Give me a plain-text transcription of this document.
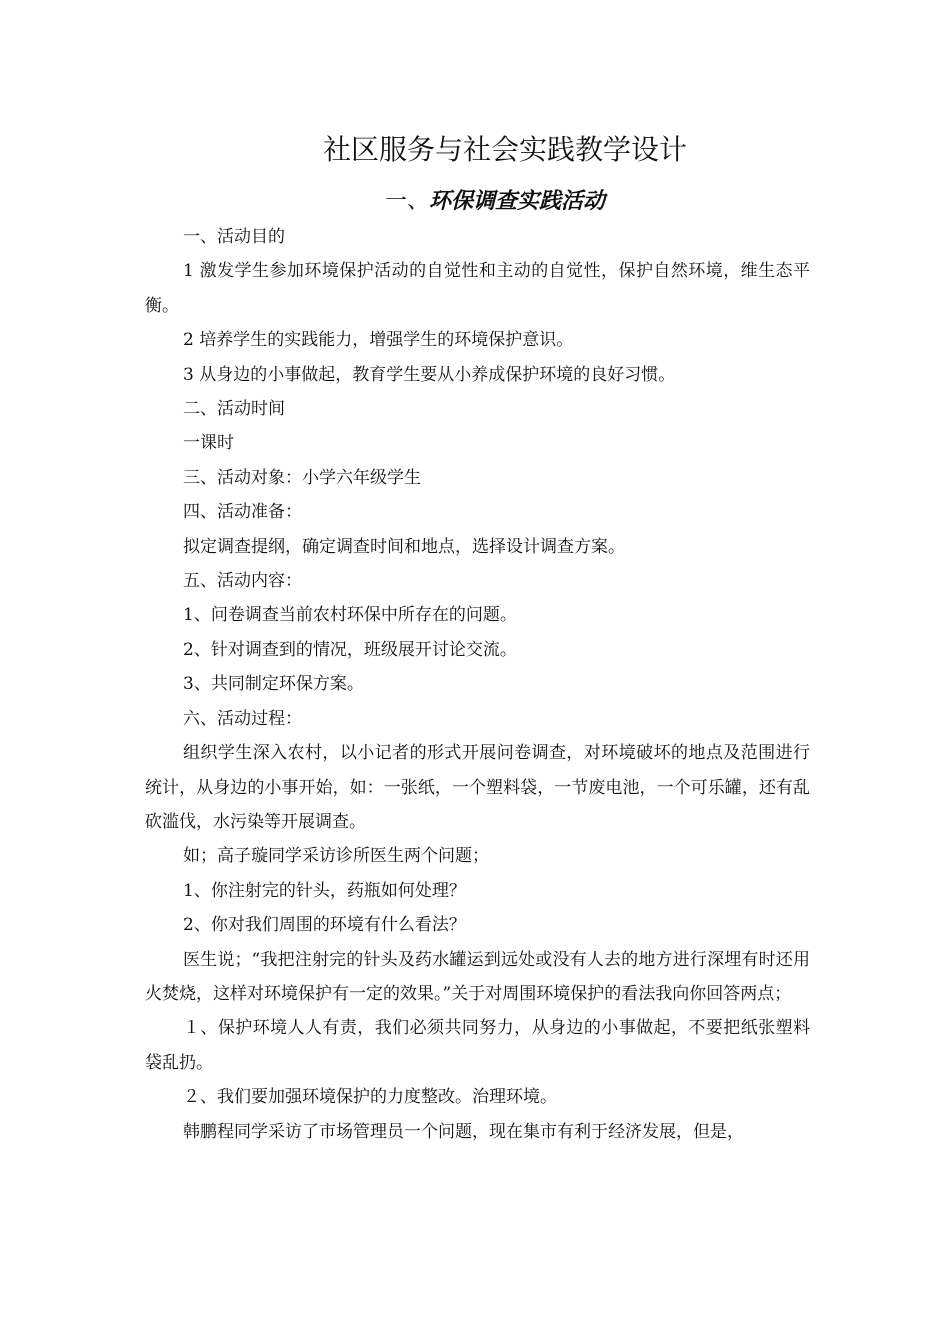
社区服务与社会实践教学设计
一、环保调查实践活动

一、活动目的

1 激发学生参加环境保护活动的自觉性和主动的自觉性，保护自然环境，维生态平衡。

2 培养学生的实践能力，增强学生的环境保护意识。

3 从身边的小事做起，教育学生要从小养成保护环境的良好习惯。

二、活动时间

一课时

三、活动对象：小学六年级学生

四、活动准备：

拟定调查提纲，确定调查时间和地点，选择设计调查方案。

五、活动内容：

1、问卷调查当前农村环保中所存在的问题。

2、针对调查到的情况，班级展开讨论交流。

3、共同制定环保方案。

六、活动过程：

组织学生深入农村，以小记者的形式开展问卷调查，对环境破坏的地点及范围进行统计，从身边的小事开始，如：一张纸，一个塑料袋，一节废电池，一个可乐罐，还有乱砍滥伐，水污染等开展调查。

如；高子璇同学采访诊所医生两个问题；

1、你注射完的针头，药瓶如何处理？

2、你对我们周围的环境有什么看法？

医生说；“我把注射完的针头及药水罐运到远处或没有人去的地方进行深埋有时还用火焚烧，这样对环境保护有一定的效果。”关于对周围环境保护的看法我向你回答两点；

１、保护环境人人有责，我们必须共同努力，从身边的小事做起，不要把纸张塑料袋乱扔。

２、我们要加强环境保护的力度整改。治理环境。

韩鹏程同学采访了市场管理员一个问题，现在集市有利于经济发展，但是，
